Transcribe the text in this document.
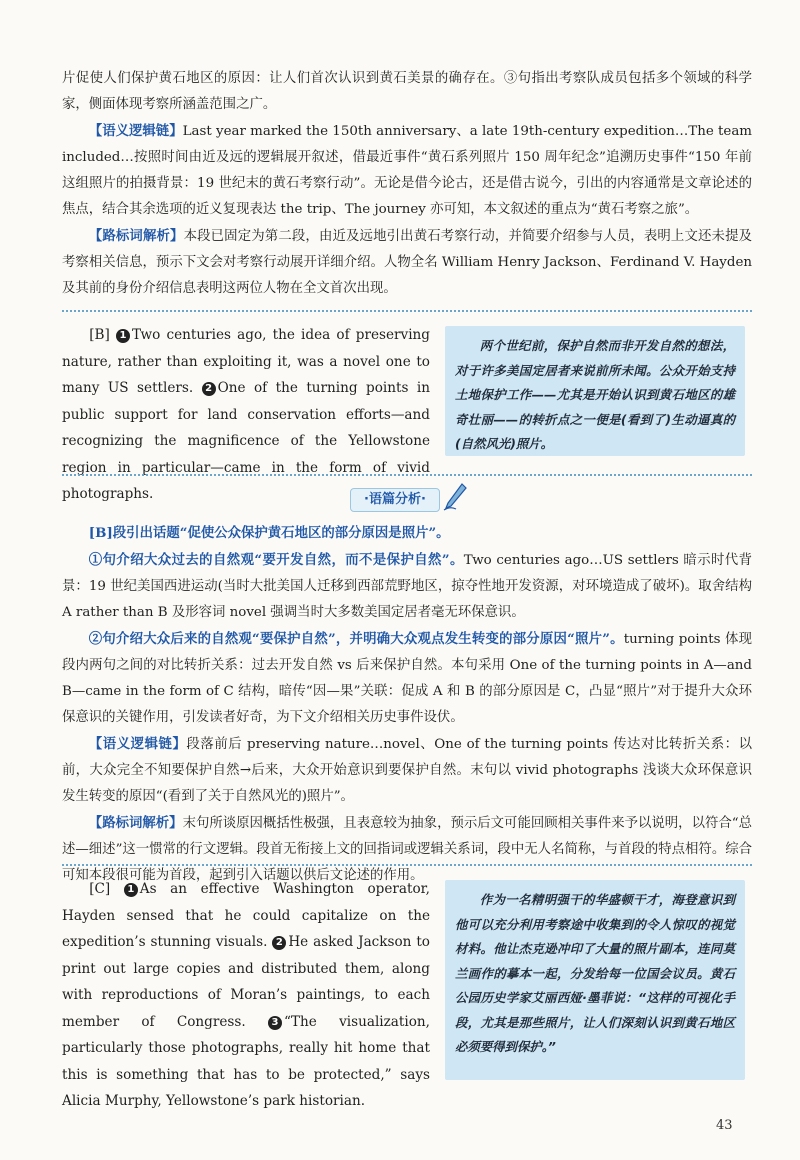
片促使人们保护黄石地区的原因：让人们首次认识到黄石美景的确存在。③句指出考察队成员包括多个领域的科学家，侧面体现考察所涵盖范围之广。

【语义逻辑链】Last year marked the 150th anniversary、a late 19th-century expedition…The team included…按照时间由近及远的逻辑展开叙述，借最近事件“黄石系列照片 150 周年纪念”追溯历史事件“150 年前这组照片的拍摄背景：19 世纪末的黄石考察行动”。无论是借今论古，还是借古说今，引出的内容通常是文章论述的焦点，结合其余选项的近义复现表达 the trip、The journey 亦可知，本文叙述的重点为“黄石考察之旅”。

【路标词解析】本段已固定为第二段，由近及远地引出黄石考察行动，并简要介绍参与人员，表明上文还未提及考察相关信息，预示下文会对考察行动展开详细介绍。人物全名 William Henry Jackson、Ferdinand V. Hayden 及其前的身份介绍信息表明这两位人物在全文首次出现。

[B] 1 Two centuries ago, the idea of preserving nature, rather than exploiting it, was a novel one to many US settlers. 2 One of the turning points in public support for land conservation efforts—and recognizing the magnificence of the Yellowstone region in particular—came in the form of vivid photographs.

两个世纪前，保护自然而非开发自然的想法，对于许多美国定居者来说前所未闻。公众开始支持土地保护工作——尤其是开始认识到黄石地区的雄奇壮丽——的转折点之一便是(看到了)生动逼真的(自然风光)照片。

·语篇分析·

[B]段引出话题“促使公众保护黄石地区的部分原因是照片”。

①句介绍大众过去的自然观“要开发自然，而不是保护自然”。Two centuries ago…US settlers 暗示时代背景：19 世纪美国西进运动(当时大批美国人迁移到西部荒野地区，掠夺性地开发资源，对环境造成了破坏)。取舍结构 A rather than B 及形容词 novel 强调当时大多数美国定居者毫无环保意识。

②句介绍大众后来的自然观“要保护自然”，并明确大众观点发生转变的部分原因“照片”。turning points 体现段内两句之间的对比转折关系：过去开发自然 vs 后来保护自然。本句采用 One of the turning points in A—and B—came in the form of C 结构，暗传“因—果”关联：促成 A 和 B 的部分原因是 C，凸显“照片”对于提升大众环保意识的关键作用，引发读者好奇，为下文介绍相关历史事件设伏。

【语义逻辑链】段落前后 preserving nature…novel、One of the turning points 传达对比转折关系：以前，大众完全不知要保护自然→后来，大众开始意识到要保护自然。末句以 vivid photographs 浅谈大众环保意识发生转变的原因“(看到了关于自然风光的)照片”。

【路标词解析】末句所谈原因概括性极强，且表意较为抽象，预示后文可能回顾相关事件来予以说明，以符合“总述—细述”这一惯常的行文逻辑。段首无衔接上文的回指词或逻辑关系词，段中无人名简称，与首段的特点相符。综合可知本段很可能为首段，起到引入话题以供后文论述的作用。

[C] 1 As an effective Washington operator, Hayden sensed that he could capitalize on the expedition’s stunning visuals. 2 He asked Jackson to print out large copies and distributed them, along with reproductions of Moran’s paintings, to each member of Congress.	3 “The visualization, particularly those photographs, really hit home that this is something that has to be protected,” says Alicia Murphy, Yellowstone’s park historian.

作为一名精明强干的华盛顿干才，海登意识到他可以充分利用考察途中收集到的令人惊叹的视觉材料。他让杰克逊冲印了大量的照片副本，连同莫兰画作的摹本一起，分发给每一位国会议员。黄石公园历史学家艾丽西娅·墨菲说：“这样的可视化手段，尤其是那些照片，让人们深刻认识到黄石地区必须要得到保护。”

43
